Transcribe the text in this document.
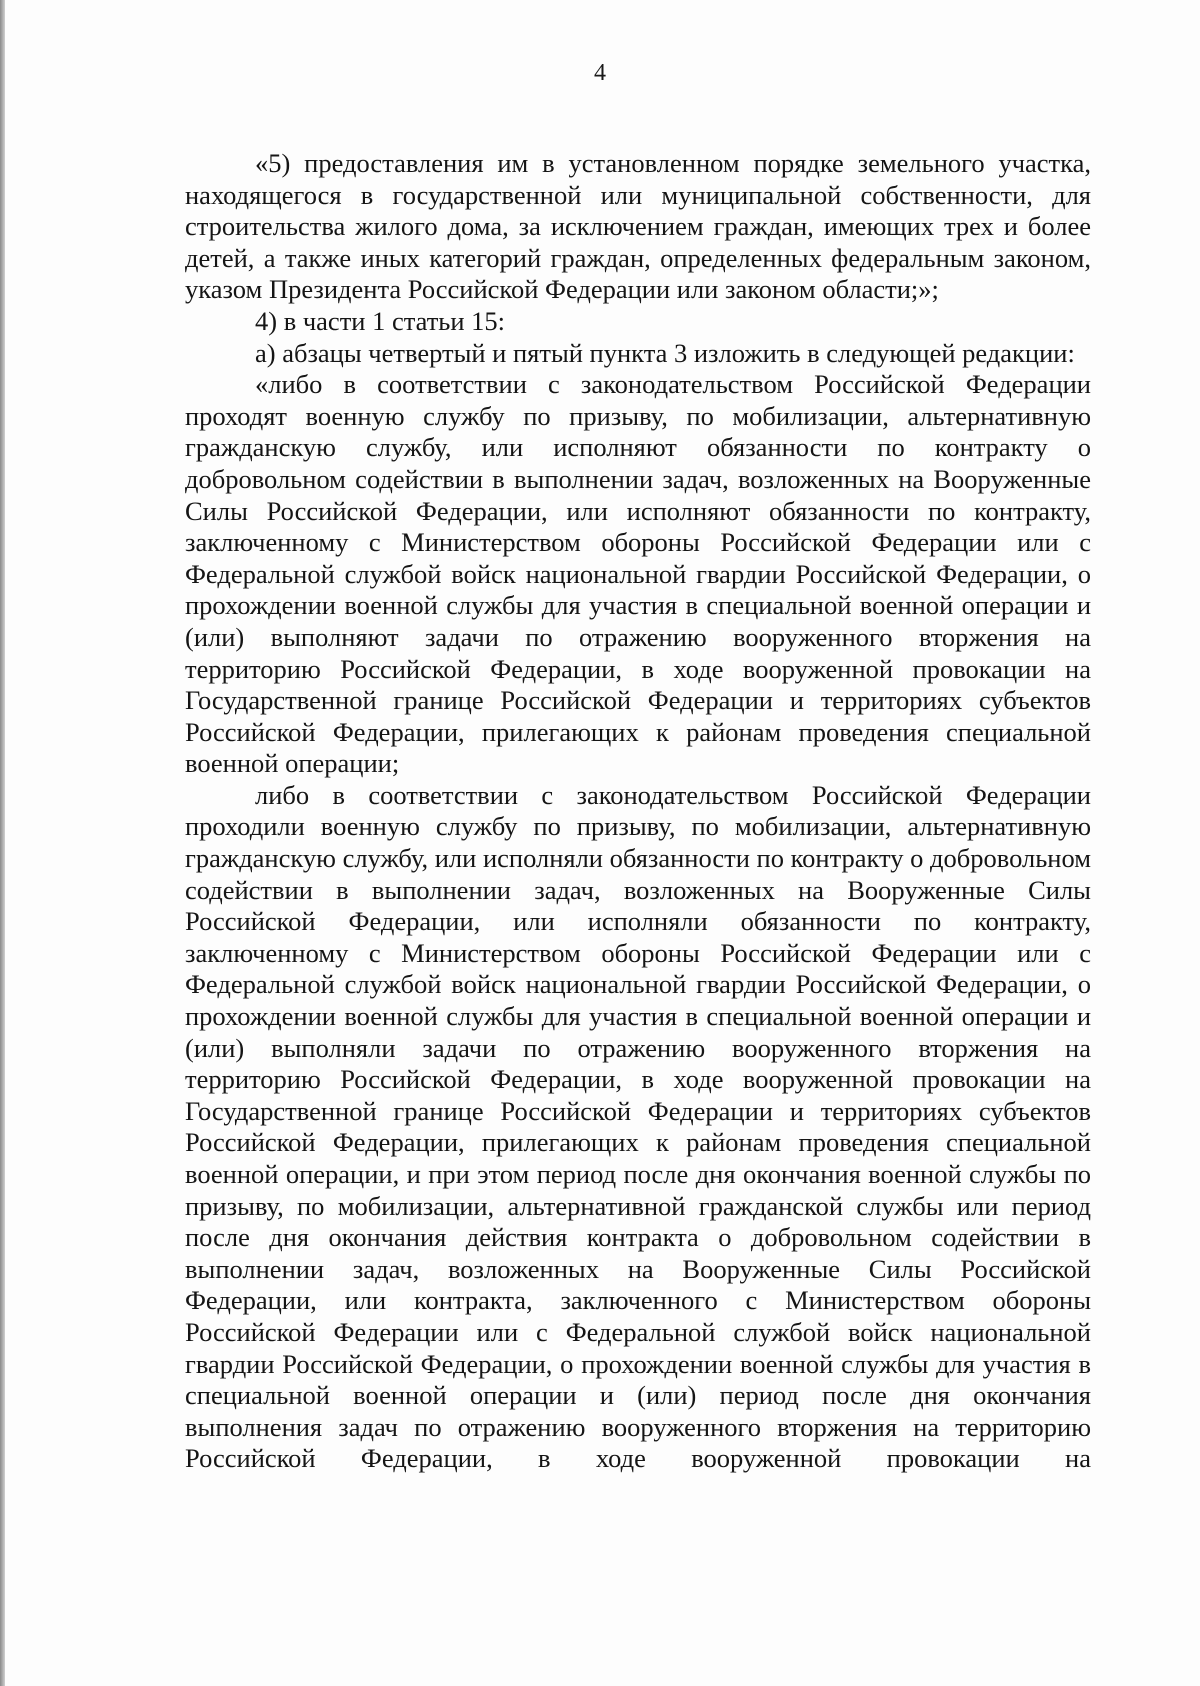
4

«5) предоставления им в установленном порядке земельного участка, находящегося в государственной или муниципальной собственности, для строительства жилого дома, за исключением граждан, имеющих трех и более детей, а также иных категорий граждан, определенных федеральным законом, указом Президента Российской Федерации или законом области;»;

4) в части 1 статьи 15:

а) абзацы четвертый и пятый пункта 3 изложить в следующей редакции:

«либо в соответствии с законодательством Российской Федерации проходят военную службу по призыву, по мобилизации, альтернативную гражданскую службу, или исполняют обязанности по контракту о добровольном содействии в выполнении задач, возложенных на Вооруженные Силы Российской Федерации, или исполняют обязанности по контракту, заключенному с Министерством обороны Российской Федерации или с Федеральной службой войск национальной гвардии Российской Федерации, о прохождении военной службы для участия в специальной военной операции и (или) выполняют задачи по отражению вооруженного вторжения на территорию Российской Федерации, в ходе вооруженной провокации на Государственной границе Российской Федерации и территориях субъектов Российской Федерации, прилегающих к районам проведения специальной военной операции;

либо в соответствии с законодательством Российской Федерации проходили военную службу по призыву, по мобилизации, альтернативную гражданскую службу, или исполняли обязанности по контракту о добровольном содействии в выполнении задач, возложенных на Вооруженные Силы Российской Федерации, или исполняли обязанности по контракту, заключенному с Министерством обороны Российской Федерации или с Федеральной службой войск национальной гвардии Российской Федерации, о прохождении военной службы для участия в специальной военной операции и (или) выполняли задачи по отражению вооруженного вторжения на территорию Российской Федерации, в ходе вооруженной провокации на Государственной границе Российской Федерации и территориях субъектов Российской Федерации, прилегающих к районам проведения специальной военной операции, и при этом период после дня окончания военной службы по призыву, по мобилизации, альтернативной гражданской службы или период после дня окончания действия контракта о добровольном содействии в выполнении задач, возложенных на Вооруженные Силы Российской Федерации, или контракта, заключенного с Министерством обороны Российской Федерации или с Федеральной службой войск национальной гвардии Российской Федерации, о прохождении военной службы для участия в специальной военной операции и (или) период после дня окончания выполнения задач по отражению вооруженного вторжения на территорию Российской Федерации, в ходе вооруженной провокации на
